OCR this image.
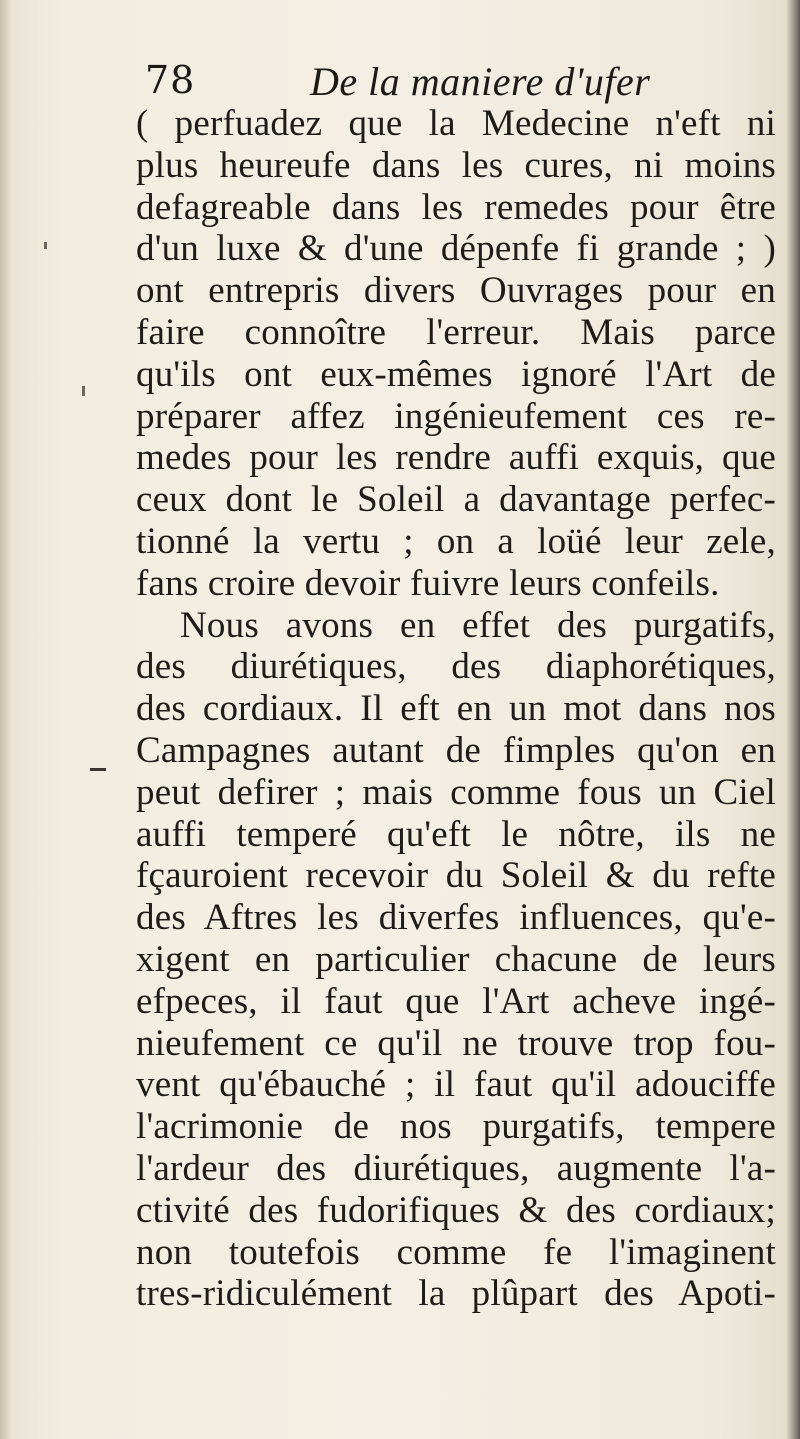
78	De la maniere d'ufer
( perfuadez que la Medecine n'eft ni
plus heureufe dans les cures, ni moins
defagreable dans les remedes pour être
d'un luxe & d'une dépenfe fi grande ; )
ont entrepris divers Ouvrages pour en
faire connoître l'erreur. Mais parce
qu'ils ont eux-mêmes ignoré l'Art de
préparer affez ingénieufement ces re-
medes pour les rendre auffi exquis, que
ceux dont le Soleil a davantage perfec-
tionné la vertu ; on a loüé leur zele,
fans croire devoir fuivre leurs confeils.
Nous avons en effet des purgatifs,
des diurétiques, des diaphorétiques,
des cordiaux. Il eft en un mot dans nos
Campagnes autant de fimples qu'on en
peut defirer ; mais comme fous un Ciel
auffi temperé qu'eft le nôtre, ils ne
fçauroient recevoir du Soleil & du refte
des Aftres les diverfes influences, qu'e-
xigent en particulier chacune de leurs
efpeces, il faut que l'Art acheve ingé-
nieufement ce qu'il ne trouve trop fou-
vent qu'ébauché ; il faut qu'il adouciffe
l'acrimonie de nos purgatifs, tempere
l'ardeur des diurétiques, augmente l'a-
ctivité des fudorifiques & des cordiaux;
non toutefois comme fe l'imaginent
tres-ridiculément la plûpart des Apoti-
